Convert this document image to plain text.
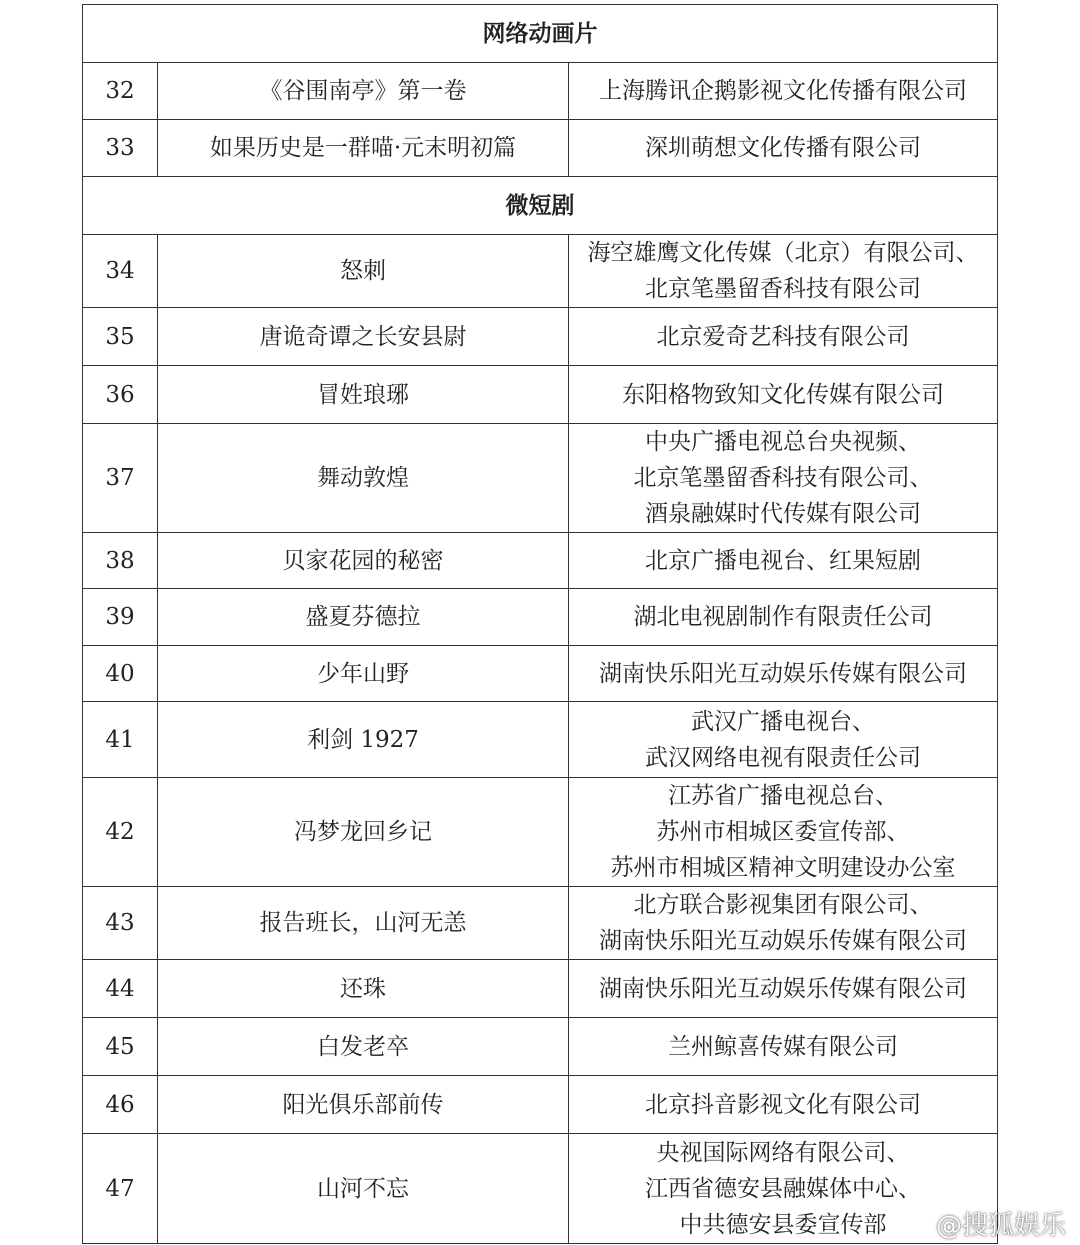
网络动画片		
32	《谷围南亭》第一卷	上海腾讯企鹅影视文化传播有限公司

33	如果历史是一群喵·元末明初篇	深圳萌想文化传播有限公司

微短剧		
34	怒刺	海空雄鹰文化传媒（北京）有限公司、
北京笔墨留香科技有限公司

35	唐诡奇谭之长安县尉	北京爱奇艺科技有限公司

36	冒姓琅琊	东阳格物致知文化传媒有限公司

37	舞动敦煌	中央广播电视总台央视频、
北京笔墨留香科技有限公司、
酒泉融媒时代传媒有限公司

38	贝家花园的秘密	北京广播电视台、红果短剧

39	盛夏芬德拉	湖北电视剧制作有限责任公司

40	少年山野	湖南快乐阳光互动娱乐传媒有限公司

41	利剑 1927	武汉广播电视台、
武汉网络电视有限责任公司

42	冯梦龙回乡记	江苏省广播电视总台、
苏州市相城区委宣传部、
苏州市相城区精神文明建设办公室

43	报告班长，山河无恙	北方联合影视集团有限公司、
湖南快乐阳光互动娱乐传媒有限公司

44	还珠	湖南快乐阳光互动娱乐传媒有限公司

45	白发老卒	兰州鲸喜传媒有限公司

46	阳光俱乐部前传	北京抖音影视文化有限公司

47	山河不忘	央视国际网络有限公司、
江西省德安县融媒体中心、
中共德安县委宣传部	@搜狐娱乐
